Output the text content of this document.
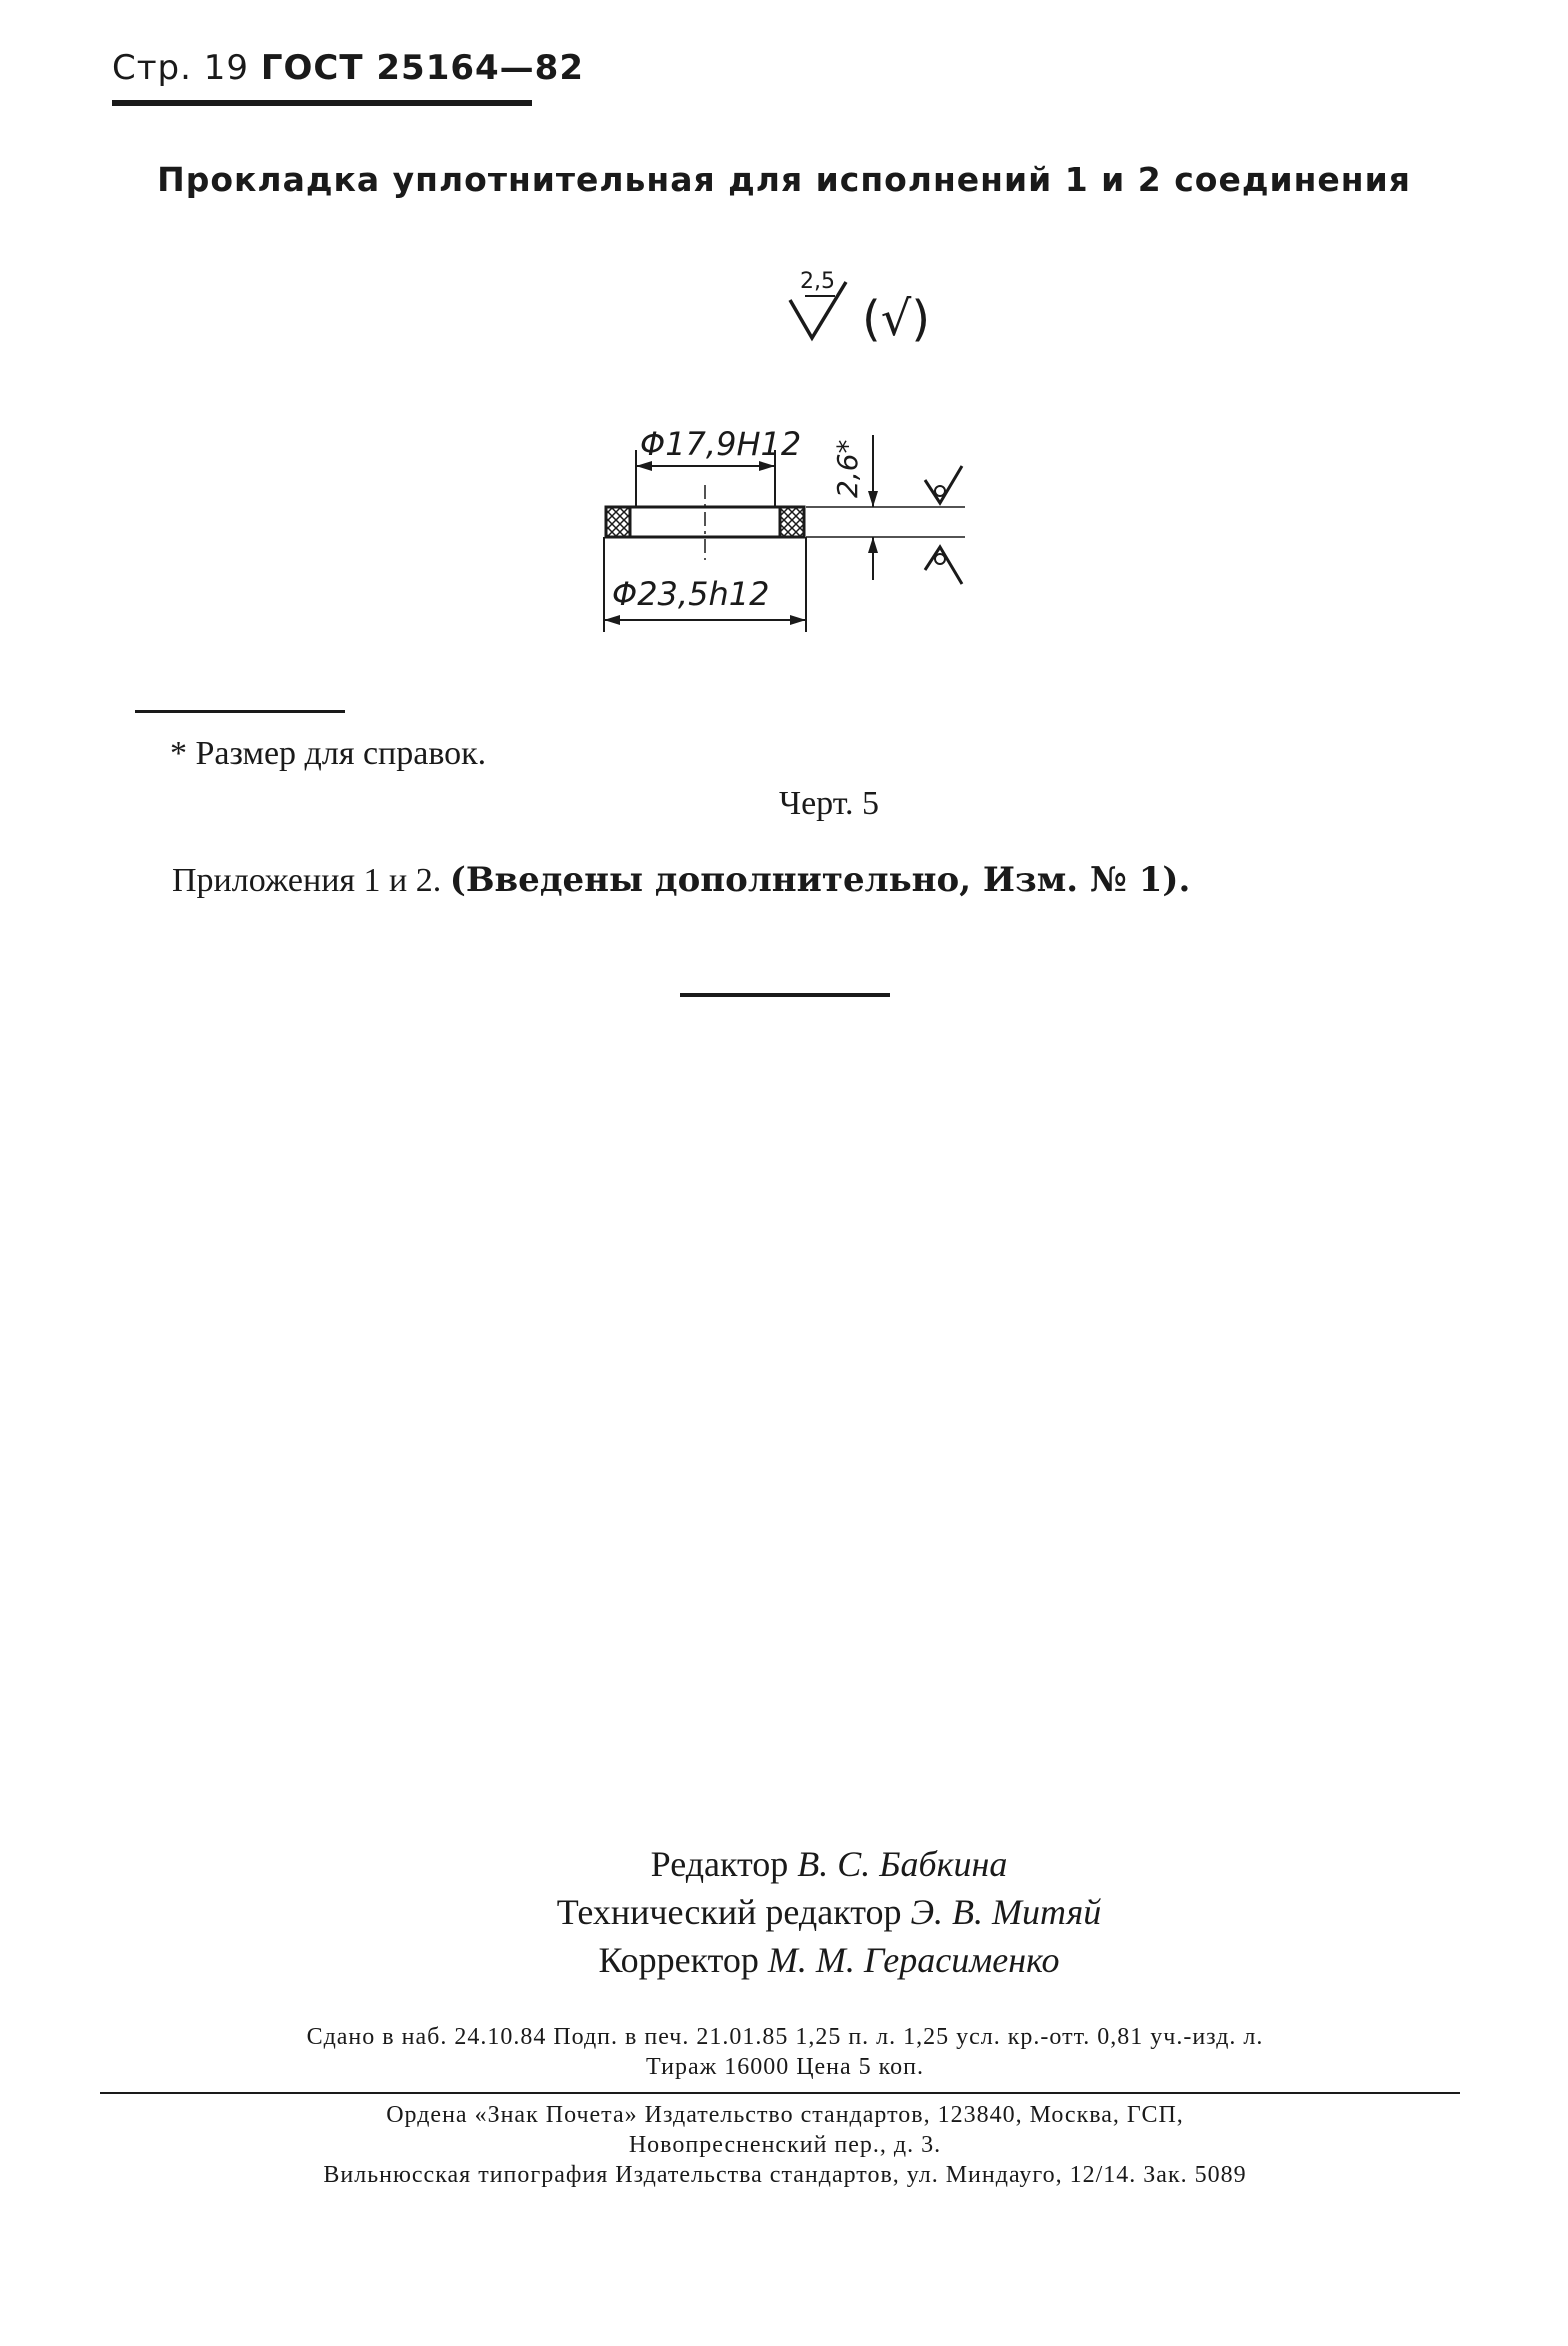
Стр. 19 ГОСТ 25164—82
Прокладка уплотнительная для исполнений 1 и 2 соединения
2,5
(√)
Φ17,9H12
Φ23,5h12
2,6*
* Размер для справок.
Черт. 5
Приложения 1 и 2. (Введены дополнительно, Изм. № 1).
Редактор В. С. Бабкина
Технический редактор Э. В. Митяй
Корректор М. М. Герасименко
Сдано в наб. 24.10.84 Подп. в печ. 21.01.85 1,25 п. л. 1,25 усл. кр.-отт. 0,81 уч.-изд. л.
Тираж 16000 Цена 5 коп.
Ордена «Знак Почета» Издательство стандартов, 123840, Москва, ГСП,
Новопресненский пер., д. 3.
Вильнюсская типография Издательства стандартов, ул. Миндауго, 12/14. Зак. 5089
